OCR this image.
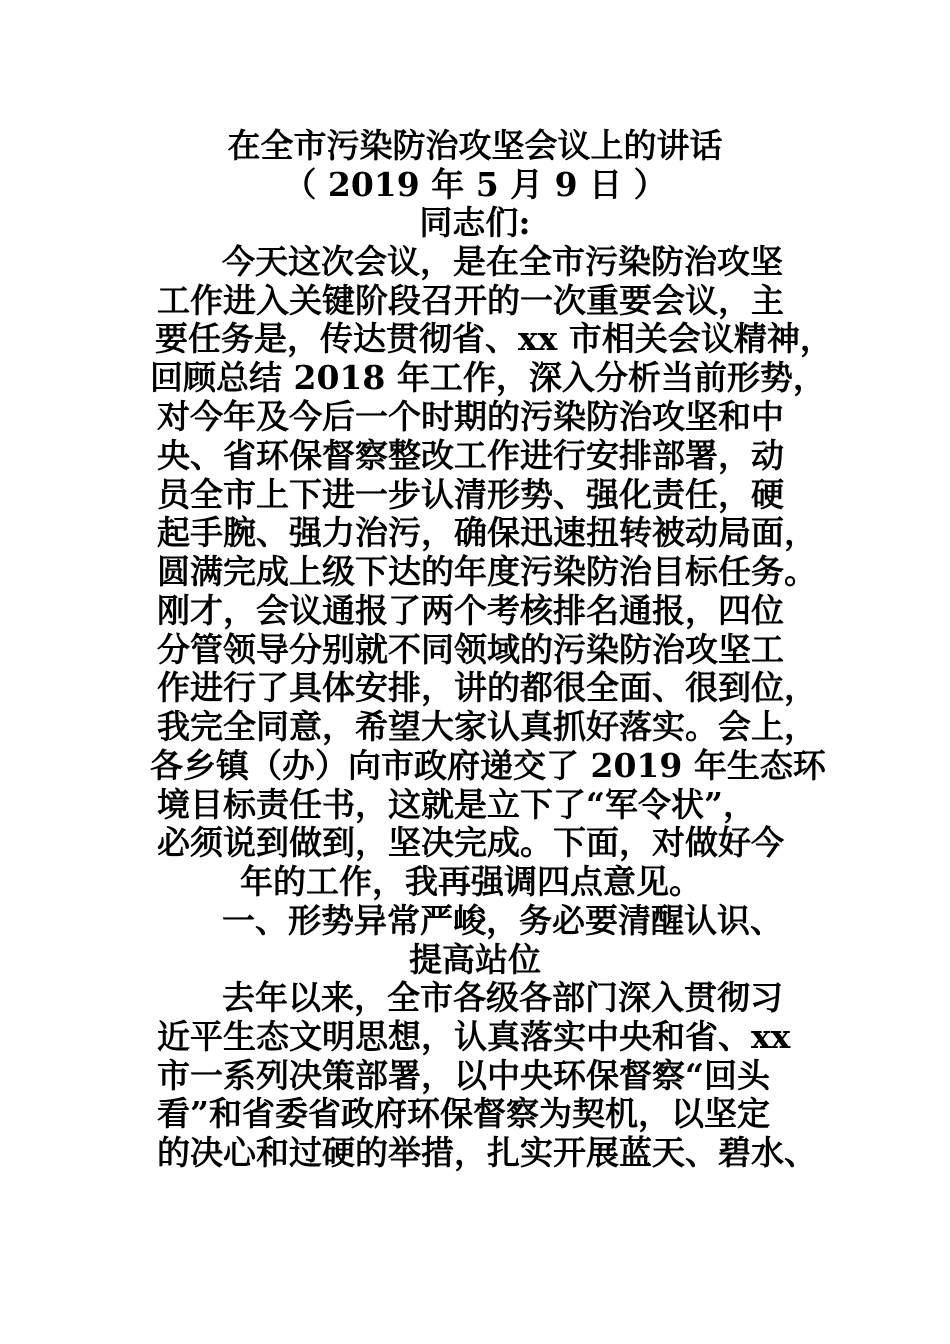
在全市污染防治攻坚会议上的讲话
（ 2019 年 5 月 9 日 ）
同志们:
今天这次会议，是在全市污染防治攻坚
工作进入关键阶段召开的一次重要会议，主
要任务是，传达贯彻省、xx 市相关会议精神，
回顾总结 2018 年工作，深入分析当前形势，
对今年及今后一个时期的污染防治攻坚和中
央、省环保督察整改工作进行安排部署，动
员全市上下进一步认清形势、强化责任，硬
起手腕、强力治污，确保迅速扭转被动局面，
圆满完成上级下达的年度污染防治目标任务。
刚才，会议通报了两个考核排名通报，四位
分管领导分别就不同领域的污染防治攻坚工
作进行了具体安排，讲的都很全面、很到位，
我完全同意，希望大家认真抓好落实。会上，
各乡镇（办）向市政府递交了 2019 年生态环
境目标责任书，这就是立下了“军令状”，
必须说到做到，坚决完成。下面，对做好今
年的工作，我再强调四点意见。
一、形势异常严峻，务必要清醒认识、
提高站位
去年以来，全市各级各部门深入贯彻习
近平生态文明思想，认真落实中央和省、xx
市一系列决策部署，以中央环保督察“回头
看”和省委省政府环保督察为契机，以坚定
的决心和过硬的举措，扎实开展蓝天、碧水、
